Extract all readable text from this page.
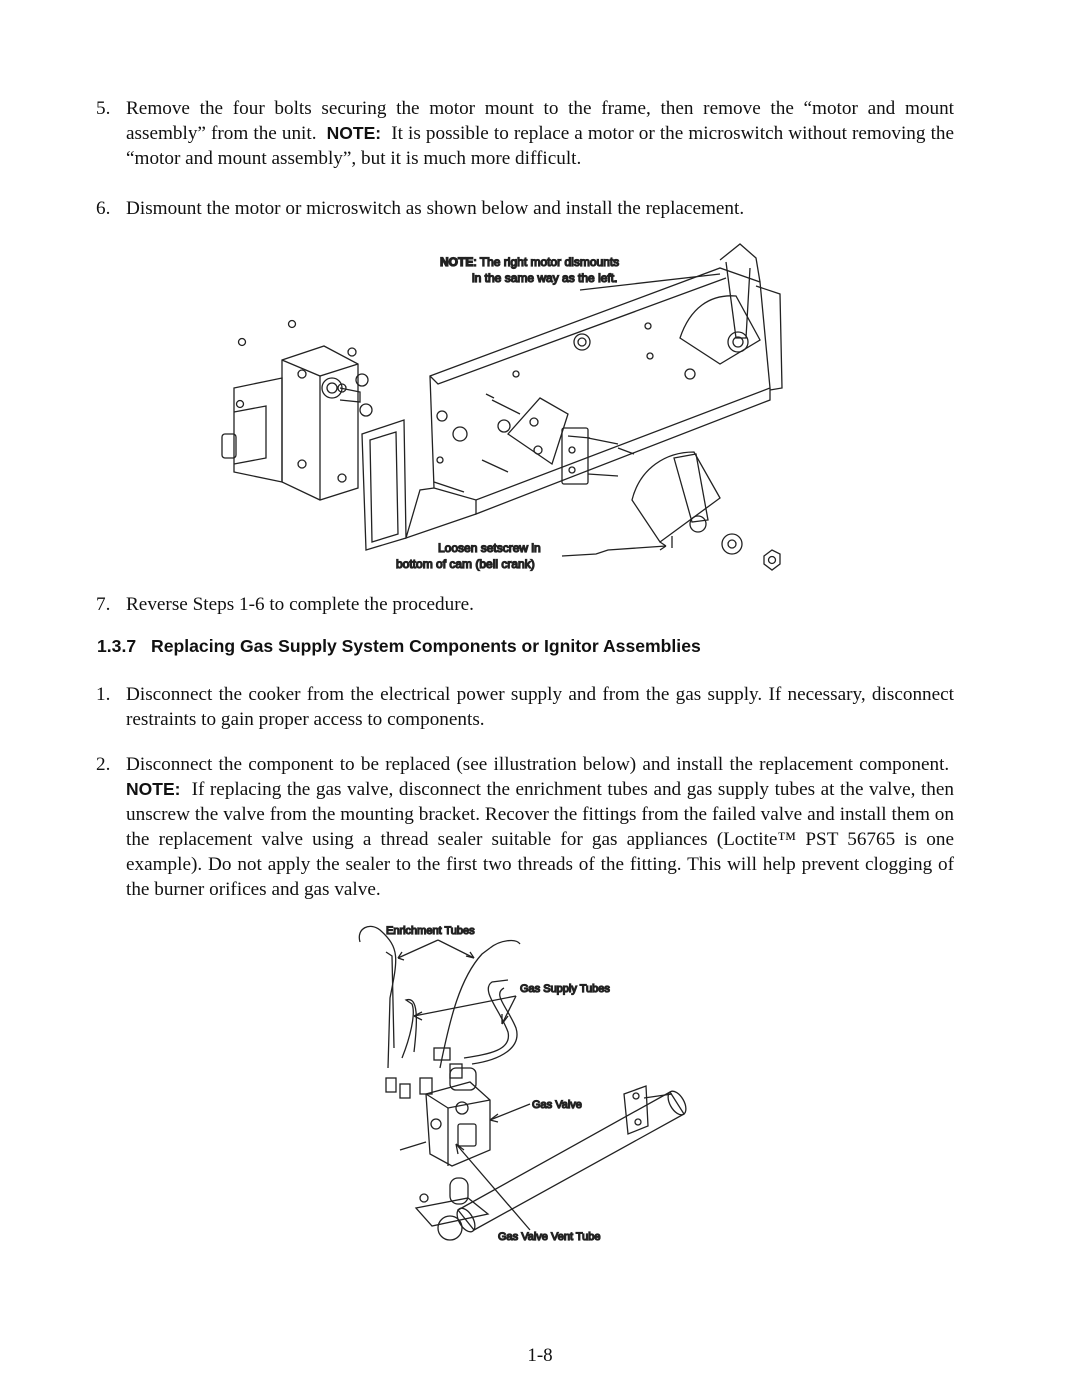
5. Remove the four bolts securing the motor mount to the frame, then remove the “motor and mount assembly” from the unit. NOTE: It is possible to replace a motor or the microswitch without removing the “motor and mount assembly”, but it is much more difficult.
6. Dismount the motor or microswitch as shown below and install the replacement.
NOTE: The right motor dismounts
in the same way as the left.
Loosen setscrew in
bottom of cam (bell crank)
7. Reverse Steps 1-6 to complete the procedure.
1.3.7 Replacing Gas Supply System Components or Ignitor Assemblies
1. Disconnect the cooker from the electrical power supply and from the gas supply. If necessary, disconnect restraints to gain proper access to components.
2. Disconnect the component to be replaced (see illustration below) and install the replacement component.  NOTE: If replacing the gas valve, disconnect the enrichment tubes and gas supply tubes at the valve, then unscrew the valve from the mounting bracket. Recover the fittings from the failed valve and install them on the replacement valve using a thread sealer suitable for gas appliances (Loctite™ PST 56765 is one example). Do not apply the sealer to the first two threads of the fitting. This will help prevent clogging of the burner orifices and gas valve.
Enrichment Tubes
Gas Supply Tubes
Gas Valve
Gas Valve Vent Tube
1-8
